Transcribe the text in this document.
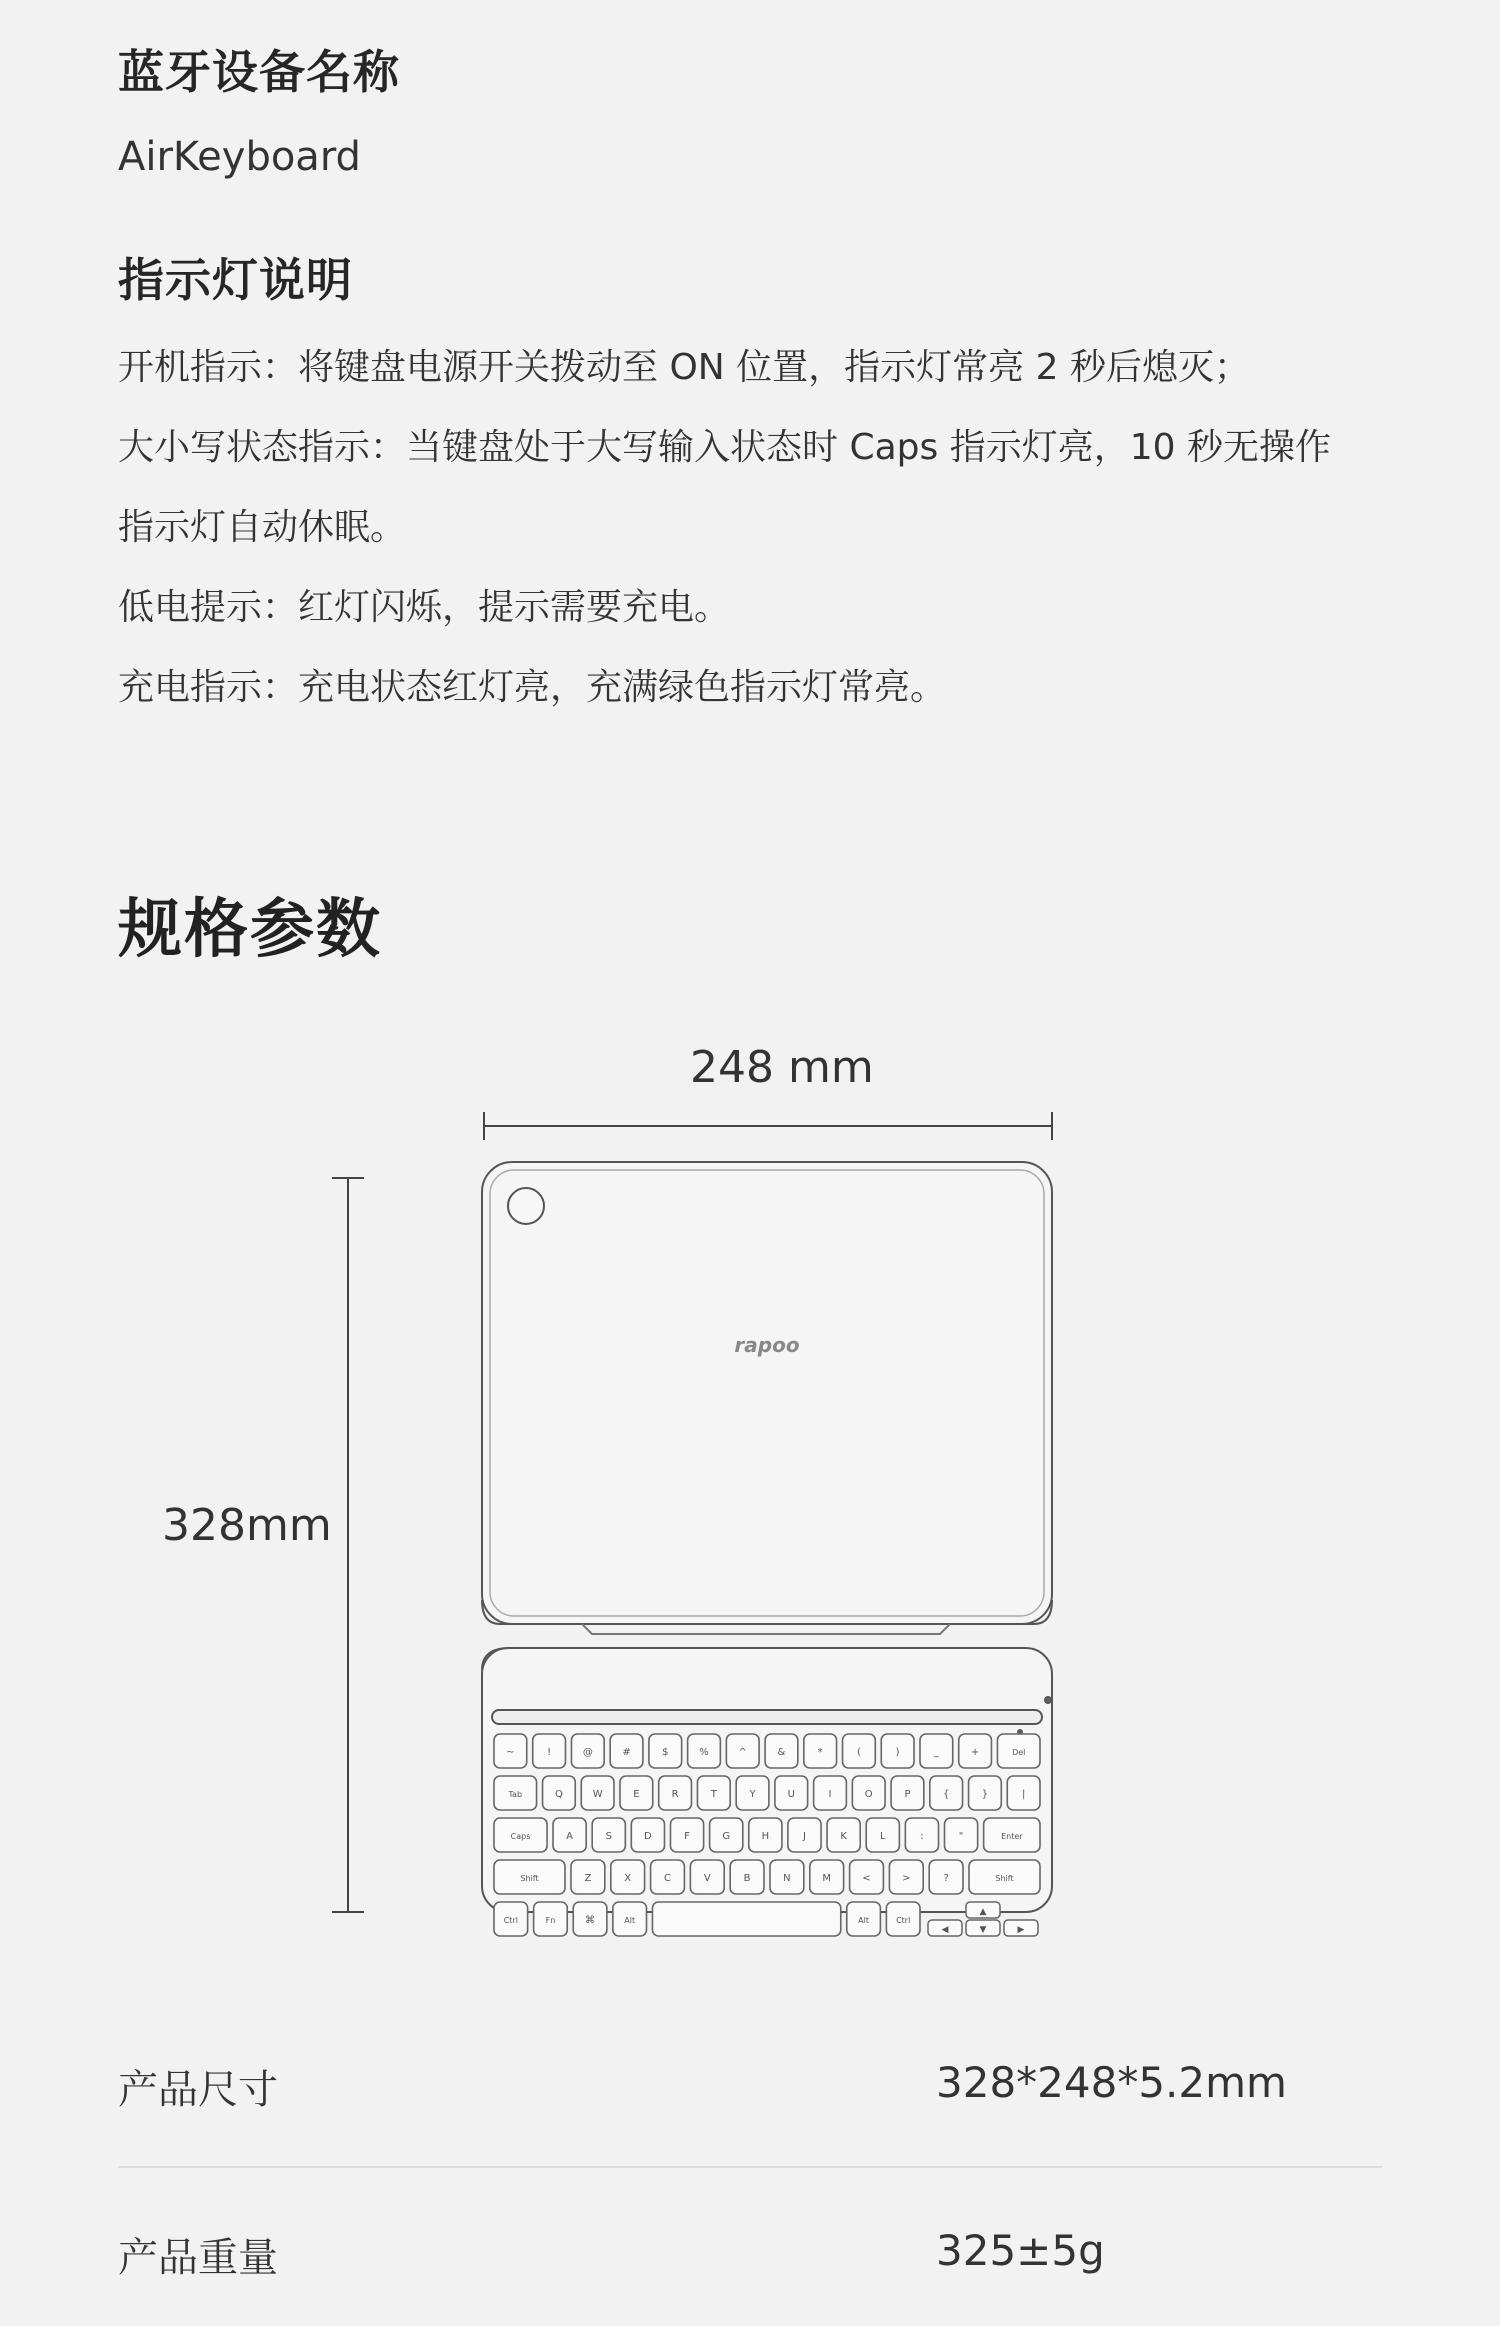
蓝牙设备名称
AirKeyboard
指示灯说明
开机指示：将键盘电源开关拨动至 ON 位置，指示灯常亮 2 秒后熄灭；
大小写状态指示：当键盘处于大写输入状态时 Caps 指示灯亮，10 秒无操作
指示灯自动休眠。
低电提示：红灯闪烁，提示需要充电。
充电指示：充电状态红灯亮，充满绿色指示灯常亮。
规格参数
248 mm
328mm
rapoo
~	!	@	#	$	%	^	&	*	(	)	_	+	Del
Tab	Q	W	E	R	T	Y	U	I	O	P	{	}	|
Caps	A	S	D	F	G	H	J	K	L	:	"	Enter
Shift	Z	X	C	V	B	N	M	<	>	?	Shift
Ctrl	Fn	⌘	Alt	Alt	Ctrl
◀
▲
▼	▶
产品尺寸	328*248*5.2mm
产品重量	325±5g
